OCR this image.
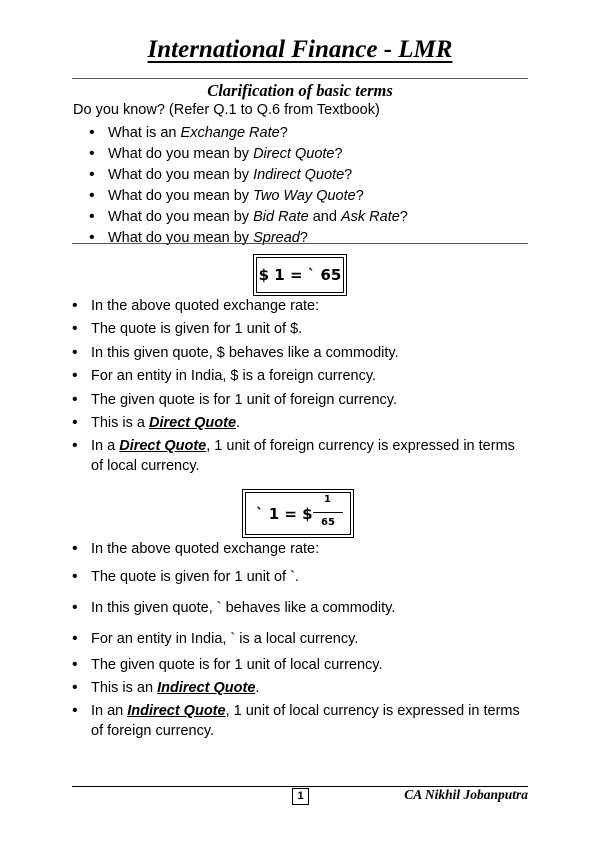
International Finance - LMR
Clarification of basic terms
Do you know? (Refer Q.1 to Q.6 from Textbook)
• What is an Exchange Rate?
• What do you mean by Direct Quote?
• What do you mean by Indirect Quote?
• What do you mean by Two Way Quote?
• What do you mean by Bid Rate and Ask Rate?
• What do you mean by Spread?
$ 1 = ` 65
• In the above quoted exchange rate:
• The quote is given for 1 unit of $.
• In this given quote, $ behaves like a commodity.
• For an entity in India, $ is a foreign currency.
• The given quote is for 1 unit of foreign currency.
• This is a Direct Quote.
• In a Direct Quote, 1 unit of foreign currency is expressed in terms of local currency.
` 1 = $
1
65
• In the above quoted exchange rate:
• The quote is given for 1 unit of `.
• In this given quote, ` behaves like a commodity.
• For an entity in India, ` is a local currency.
• The given quote is for 1 unit of local currency.
• This is an Indirect Quote.
• In an Indirect Quote, 1 unit of local currency is expressed in terms of foreign currency.
1	CA Nikhil Jobanputra
